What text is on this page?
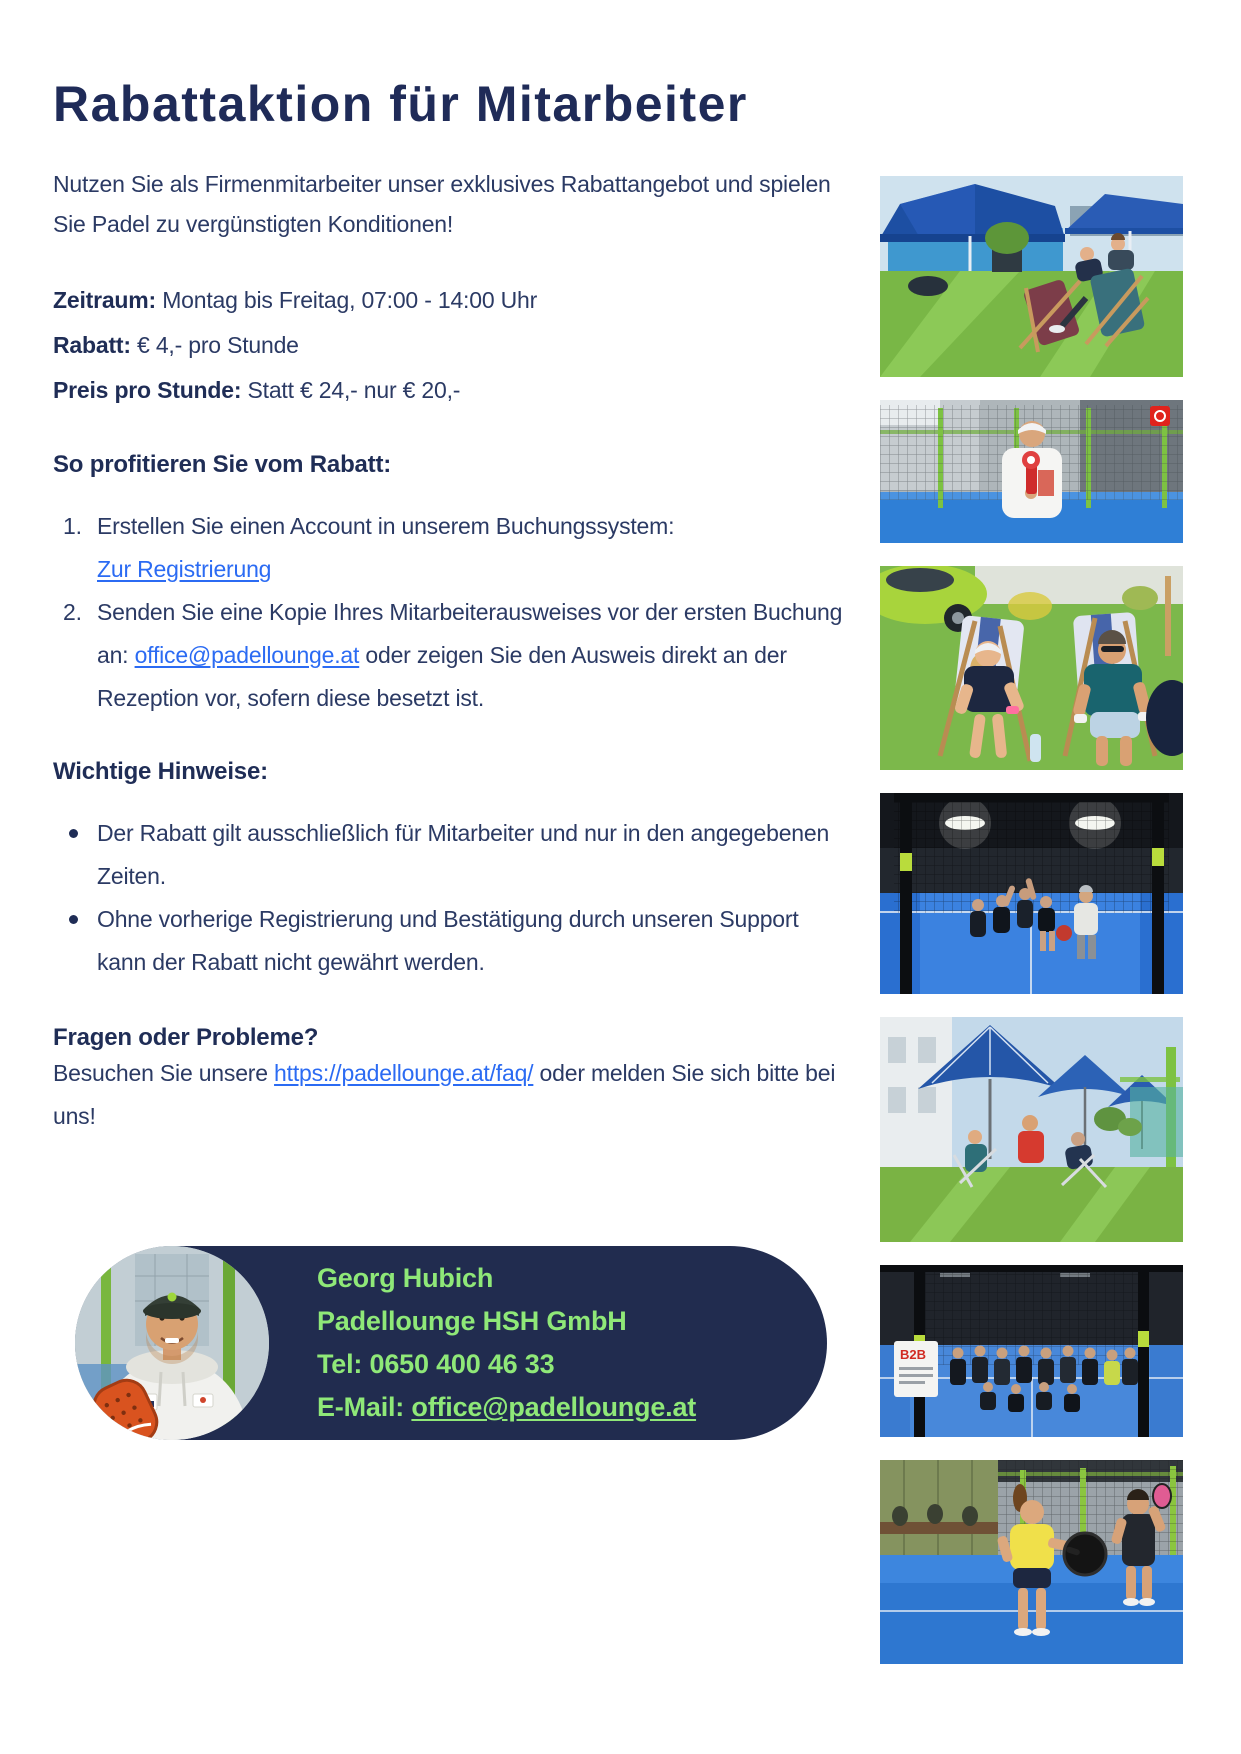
Rabattaktion für Mitarbeiter

Nutzen Sie als Firmenmitarbeiter unser exklusives Rabattangebot und spielen Sie Padel zu vergünstigten Konditionen!

Zeitraum: Montag bis Freitag, 07:00 - 14:00 Uhr
Rabatt: € 4,- pro Stunde
Preis pro Stunde: Statt € 24,- nur € 20,-
So profitieren Sie vom Rabatt:
Erstellen Sie einen Account in unserem Buchungssystem:
Zur Registrierung
Senden Sie eine Kopie Ihres Mitarbeiterausweises vor der ersten Buchung an: office@padellounge.at oder zeigen Sie den Ausweis direkt an der Rezeption vor, sofern diese besetzt ist.
Wichtige Hinweise:
Der Rabatt gilt ausschließlich für Mitarbeiter und nur in den angegebenen Zeiten.
Ohne vorherige Registrierung und Bestätigung durch unseren Support kann der Rabatt nicht gewährt werden.
Fragen oder Probleme?

Besuchen Sie unsere https://padellounge.at/faq/ oder melden Sie sich bitte bei uns!

Georg Hubich
Padellounge HSH GmbH
Tel: 0650 400 46 33
E-Mail: office@padellounge.at
B2B
